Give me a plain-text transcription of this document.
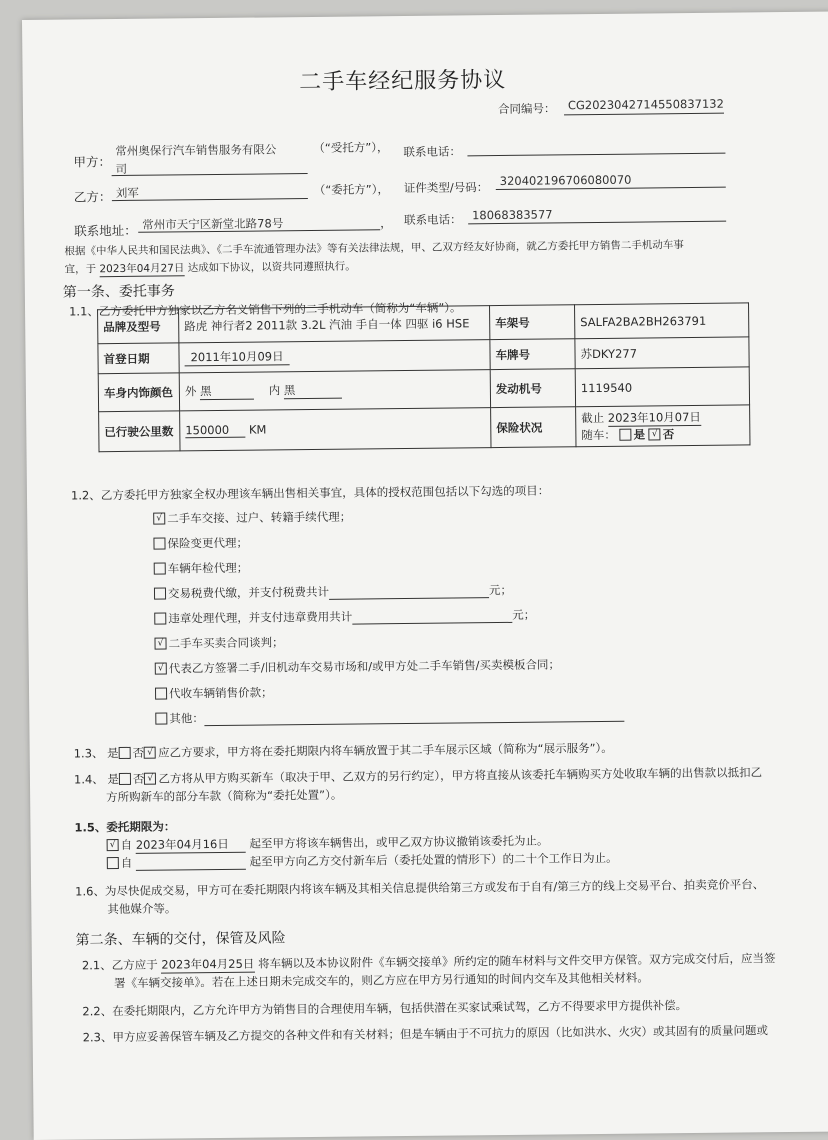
二手车经纪服务协议
合同编号： CG2023042714550837132
甲方：
常州奥保行汽车销售服务有限公
司
（“受托方”）， 联系电话：
乙方： 刘军	（“委托方”）， 证件类型/号码： 320402196706080070
联系地址： 常州市天宁区新堂北路78号	， 联系电话： 18068383577
根据《中华人民共和国民法典》、《二手车流通管理办法》等有关法律法规，甲、乙双方经友好协商，就乙方委托甲方销售二手机动车事
宜，于 2023年04月27日 达成如下协议，以资共同遵照执行。
第一条、委托事务
1.1、乙方委托甲方独家以乙方名义销售下列的二手机动车（简称为“车辆”）。
品牌及型号	路虎 神行者2 2011款 3.2L 汽油 手自一体 四驱 i6 HSE	车架号	SALFA2BA2BH263791
首登日期	2011年10月09日	车牌号	苏DKY277
车身内饰颜色	外 黑 内 黑	发动机号	1119540
已行驶公里数	150000 KM	保险状况	截止 2023年10月07日
随车： 是 √ 否
1.2、乙方委托甲方独家全权办理该车辆出售相关事宜，具体的授权范围包括以下勾选的项目：
√ 二手车交接、过户、转籍手续代理；
保险变更代理；
车辆年检代理；
交易税费代缴，并支付税费共计	元；
违章处理代理，并支付违章费用共计	元；
√ 二手车买卖合同谈判；
√ 代表乙方签署二手/旧机动车交易市场和/或甲方处二手车销售/买卖模板合同；
代收车辆销售价款；
其他：
1.3、 是 否 √ 应乙方要求，甲方将在委托期限内将车辆放置于其二手车展示区域（简称为“展示服务”）。
1.4、 是 否 √ 乙方将从甲方购买新车（取决于甲、乙双方的另行约定），甲方将直接从该委托车辆购买方处收取车辆的出售款以抵扣乙
方所购新车的部分车款（简称为“委托处置”）。
1.5、委托期限为：
√ 自 2023年04月16日 起至甲方将该车辆售出，或甲乙双方协议撤销该委托为止。
自	起至甲方向乙方交付新车后（委托处置的情形下）的二十个工作日为止。
1.6、为尽快促成交易，甲方可在委托期限内将该车辆及其相关信息提供给第三方或发布于自有/第三方的线上交易平台、拍卖竞价平台、
其他媒介等。
第二条、车辆的交付，保管及风险
2.1、乙方应于 2023年04月25日 将车辆以及本协议附件《车辆交接单》所约定的随车材料与文件交甲方保管。双方完成交付后，应当签
署《车辆交接单》。若在上述日期未完成交车的，则乙方应在甲方另行通知的时间内交车及其他相关材料。
2.2、在委托期限内，乙方允许甲方为销售目的合理使用车辆，包括供潜在买家试乘试驾，乙方不得要求甲方提供补偿。
2.3、甲方应妥善保管车辆及乙方提交的各种文件和有关材料；但是车辆由于不可抗力的原因（比如洪水、火灾）或其固有的质量问题或
